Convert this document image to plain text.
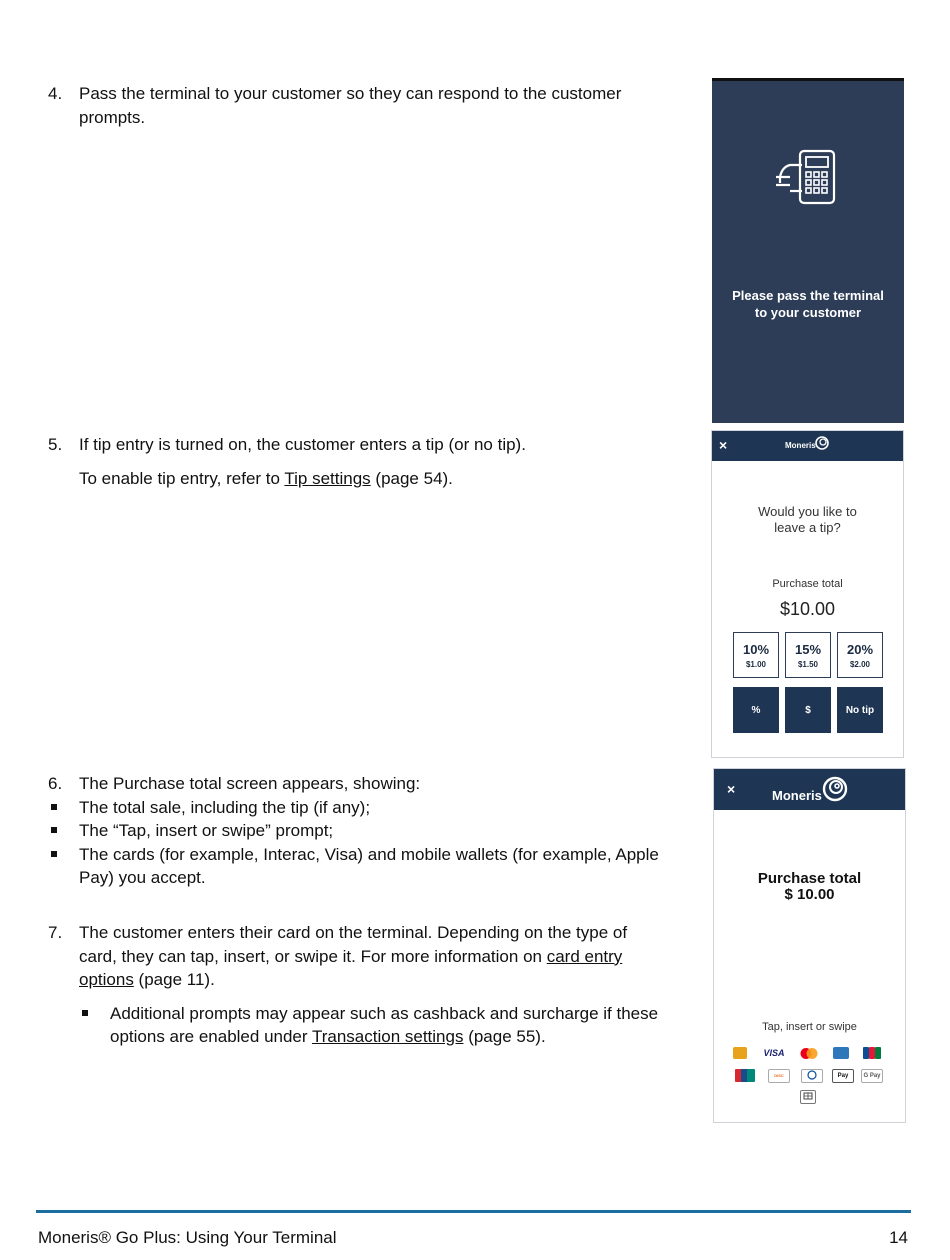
4. Pass the terminal to your customer so they can respond to the customer prompts.

5. If tip entry is turned on, the customer enters a tip (or no tip).

To enable tip entry, refer to Tip settings (page 54).

6. The Purchase total screen appears, showing:

The total sale, including the tip (if any);
The “Tap, insert or swipe” prompt;
The cards (for example, Interac, Visa) and mobile wallets (for example, Apple Pay) you accept.
7. The customer enters their card on the terminal. Depending on the type of card, they can tap, insert, or swipe it. For more information on card entry options (page 11).

Additional prompts may appear such as cashback and surcharge if these options are enabled under Transaction settings (page 55).
Please pass the terminal
to your customer
×	Moneris
Would you like to
leave a tip?
Purchase total
$10.00
10%
$1.00
15%
$1.50
20%
$2.00
%	$	No tip
×	Moneris
Purchase total
$ 10.00
Tap, insert or swipe
VISA
DISC	Pay	G Pay
Moneris® Go Plus: Using Your Terminal	14
